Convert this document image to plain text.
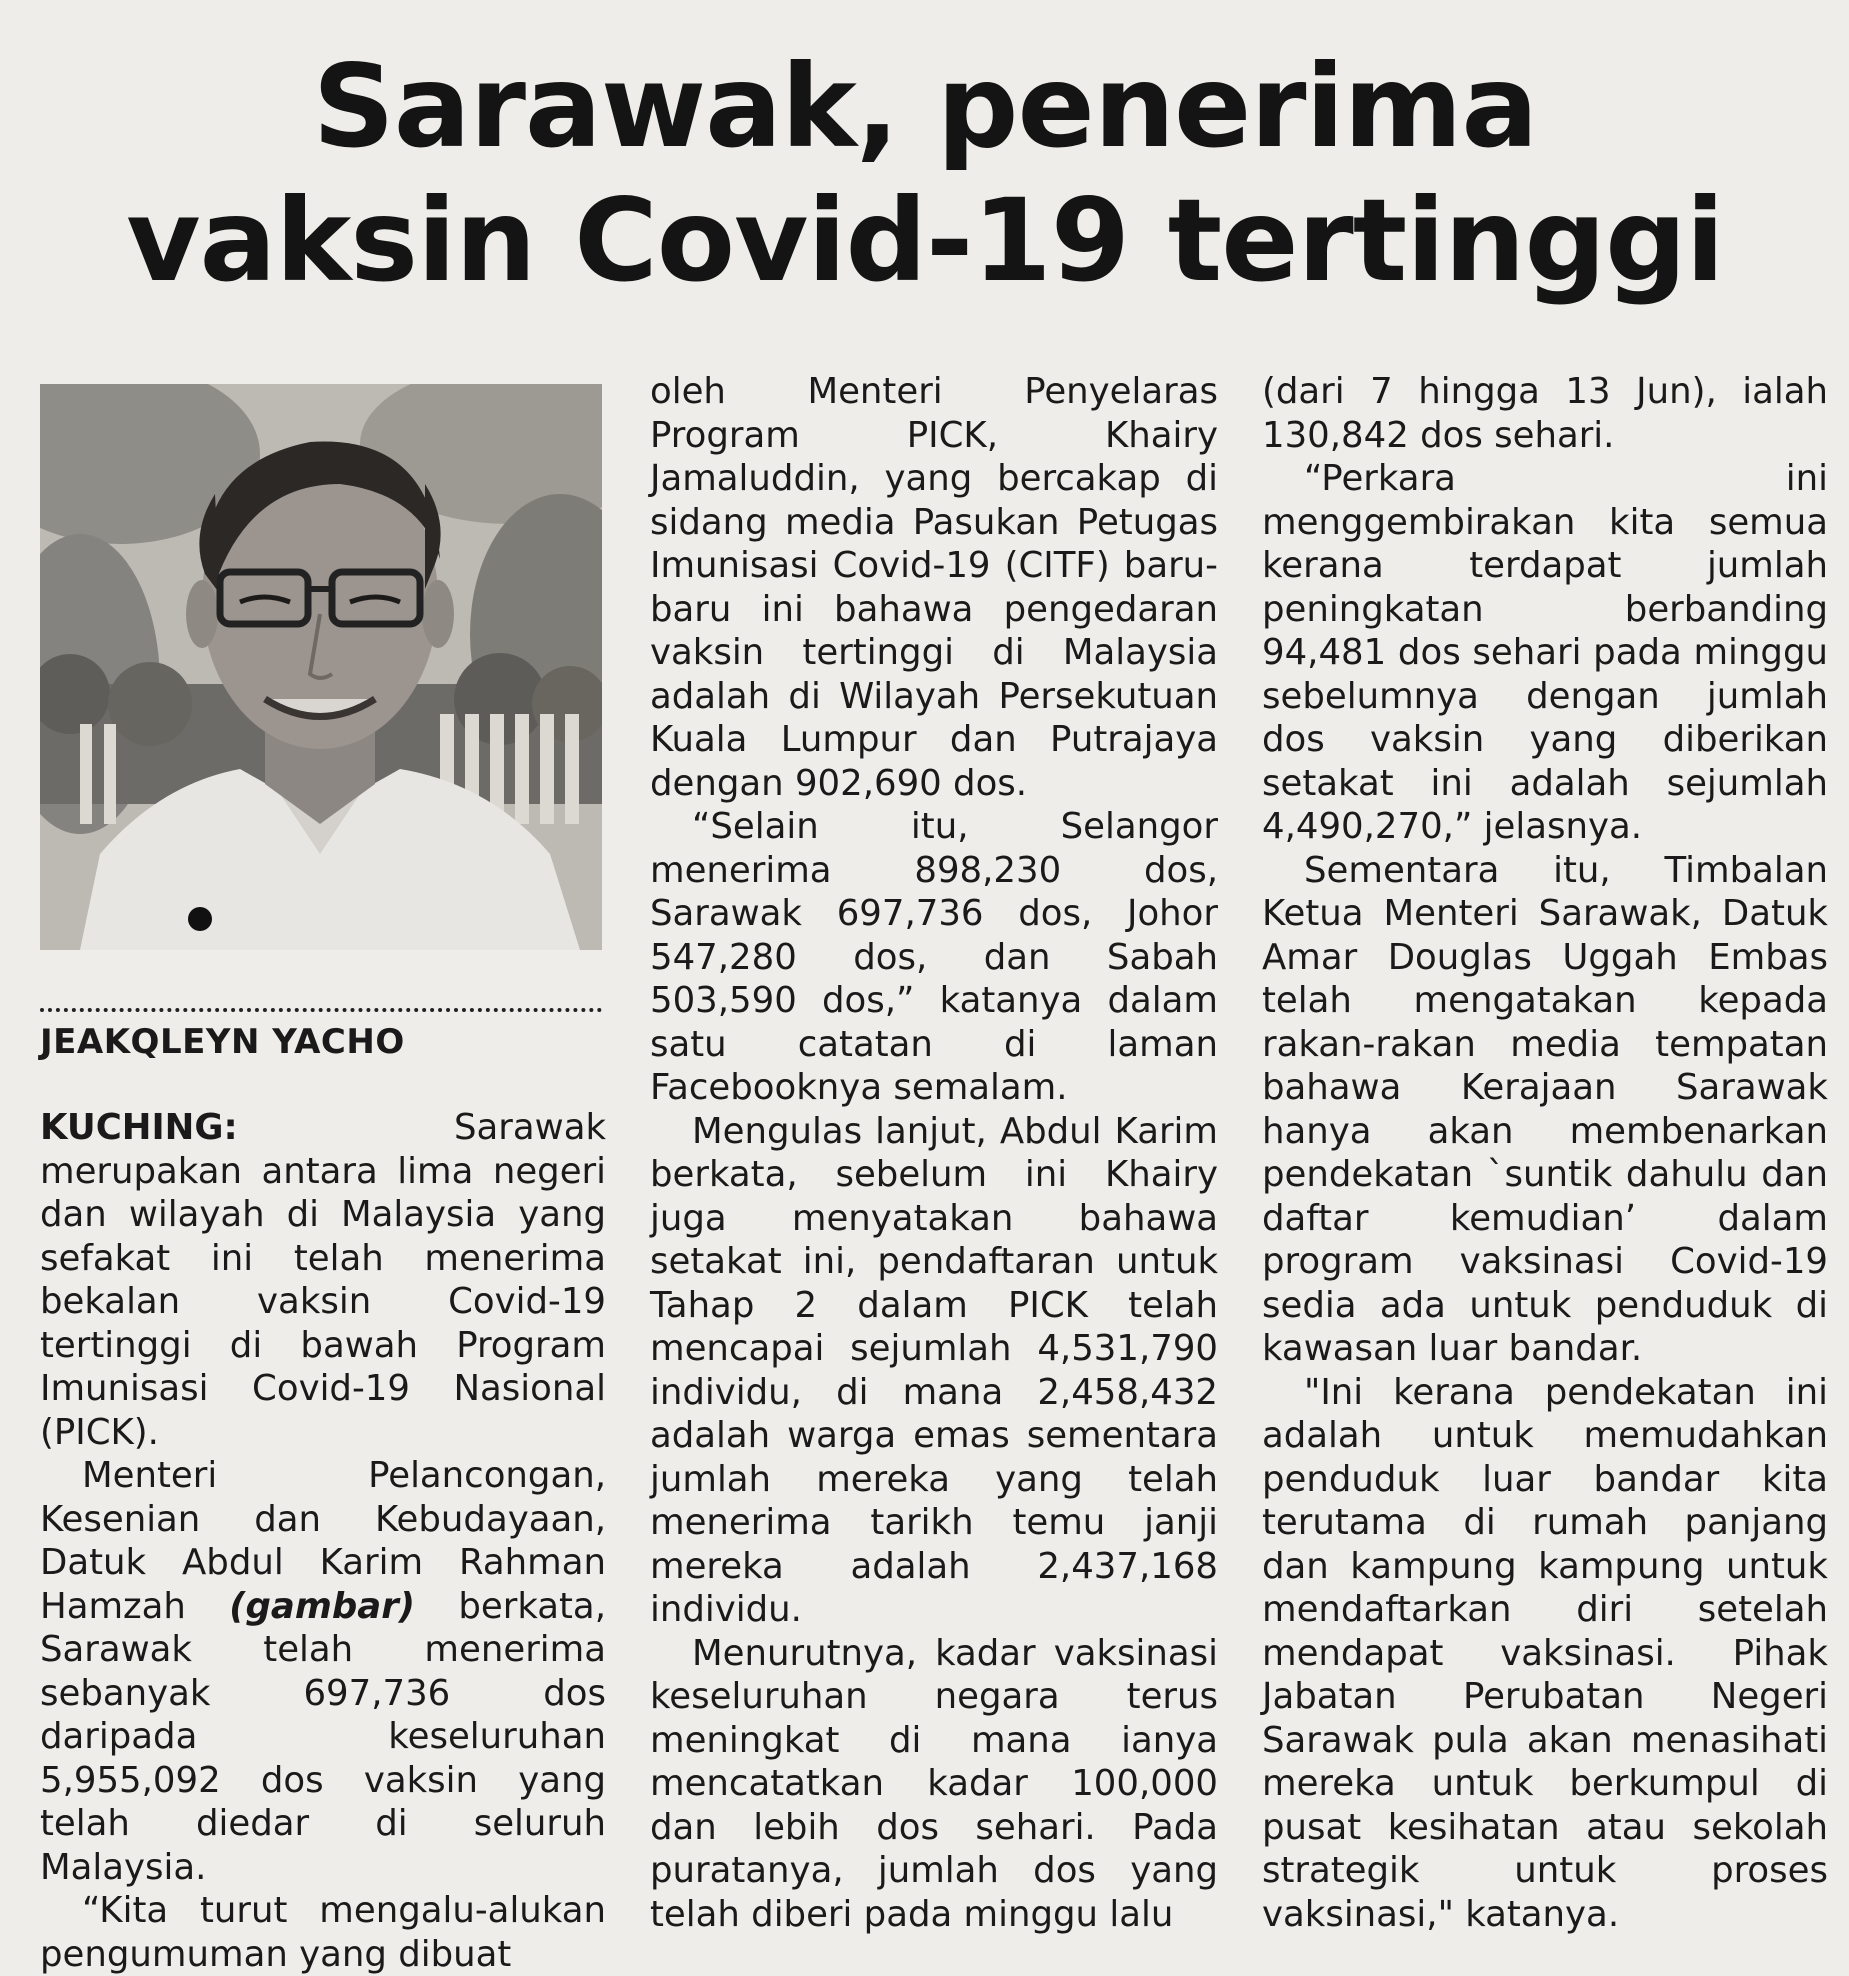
Sarawak, penerima
vaksin Covid-19 tertinggi

JEAKQLEYN YACHO

KUCHING:	Sarawak merupakan antara lima negeri dan wilayah di Malaysia yang sefakat ini telah menerima bekalan vaksin Covid-19 tertinggi di bawah Program Imunisasi Covid-19 Nasional (PICK).

Menteri Pelancongan, Kesenian dan Kebudayaan, Datuk Abdul Karim Rahman Hamzah (gambar) berkata, Sarawak telah menerima sebanyak 697,736 dos daripada keseluruhan 5,955,092 dos vaksin yang telah diedar di seluruh Malaysia.

“Kita turut mengalu-alukan pengumuman yang dibuat

oleh Menteri Penyelaras Program PICK, Khairy Jamaluddin, yang bercakap di sidang media Pasukan Petugas Imunisasi Covid-19 (CITF) baru-baru ini bahawa pengedaran vaksin tertinggi di Malaysia adalah di Wilayah Persekutuan Kuala Lumpur dan Putrajaya dengan 902,690 dos.

“Selain itu, Selangor menerima 898,230 dos, Sarawak 697,736 dos, Johor 547,280 dos, dan Sabah 503,590 dos,” katanya dalam satu catatan di laman Facebooknya semalam.

Mengulas lanjut, Abdul Karim berkata, sebelum ini Khairy juga menyatakan bahawa setakat ini, pendaftaran untuk Tahap 2 dalam PICK telah mencapai sejumlah 4,531,790 individu, di mana 2,458,432 adalah warga emas sementara jumlah mereka yang telah menerima tarikh temu janji mereka adalah 2,437,168 individu.

Menurutnya, kadar vaksinasi keseluruhan negara terus meningkat di mana ianya mencatatkan kadar 100,000 dan lebih dos sehari. Pada puratanya, jumlah dos yang telah diberi pada minggu lalu

(dari 7 hingga 13 Jun), ialah 130,842 dos sehari.

“Perkara ini menggembirakan kita semua kerana terdapat jumlah peningkatan berbanding 94,481 dos sehari pada minggu sebelumnya dengan jumlah dos vaksin yang diberikan setakat ini adalah sejumlah 4,490,270,” jelasnya.

Sementara itu, Timbalan Ketua Menteri Sarawak, Datuk Amar Douglas Uggah Embas telah mengatakan kepada rakan-rakan media tempatan bahawa Kerajaan Sarawak hanya akan membenarkan pendekatan `suntik dahulu dan daftar kemudian’ dalam program vaksinasi Covid-19 sedia ada untuk penduduk di kawasan luar bandar.

"Ini kerana pendekatan ini adalah untuk memudahkan penduduk luar bandar kita terutama di rumah panjang dan kampung kampung untuk mendaftarkan diri setelah mendapat vaksinasi. Pihak Jabatan Perubatan Negeri Sarawak pula akan menasihati mereka untuk berkumpul di pusat kesihatan atau sekolah strategik untuk proses vaksinasi," katanya.
